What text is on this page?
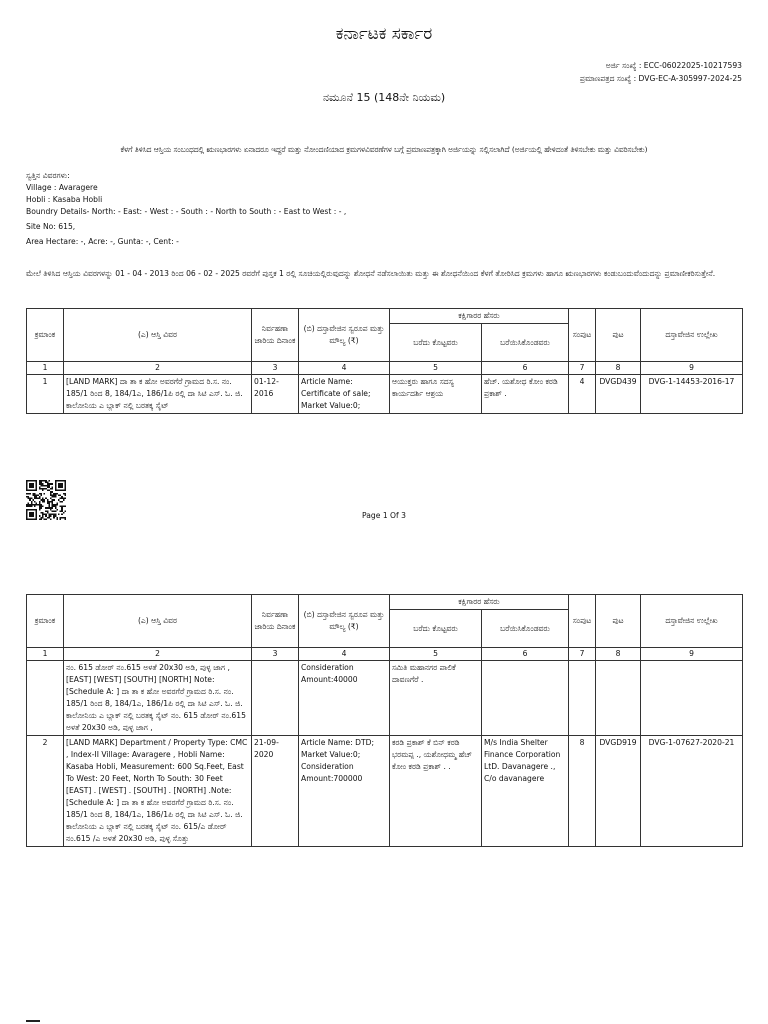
ಕರ್ನಾಟಕ ಸರ್ಕಾರ
ಅರ್ಜಿ ಸಂಖ್ಯೆ : ECC-06022025-10217593
ಪ್ರಮಾಣಪತ್ರದ ಸಂಖ್ಯೆ : DVG-EC-A-305997-2024-25
ನಮೂನೆ 15 (148ನೇ ನಿಯಮ)
ಕೆಳಗೆ ತಿಳಿಸಿದ ಆಸ್ತಿಯ ಸಂಬಂಧದಲ್ಲಿ ಋಣಭಾರಗಳು ಏನಾದರೂ ಇದ್ದರೆ ಮತ್ತು ನೋಂದಣಿಯಾದ ಕ್ರಮಗಳವಿವರಣೆಗಳ ಬಗ್ಗೆ ಪ್ರಮಾಣಪತ್ರಕ್ಕಾಗಿ ಅರ್ಜಿಯನ್ನು ಸಲ್ಲಿಸಲಾಗಿದೆ (ಅರ್ಜಿಯಲ್ಲಿ ಹೇಳಿದಂತೆ ತಿಳಿಸಬೇಕು ಮತ್ತು ವಿವರಿಸಬೇಕು)
ಸ್ವತ್ತಿನ ವಿವರಗಳು:
Village : Avaragere
Hobli : Kasaba Hobli
Boundry Details- North: - East: - West : - South : - North to South : - East to West : - ,
Site No: 615,
Area Hectare: -, Acre: -, Gunta: -, Cent: -
ಮೇಲೆ ತಿಳಿಸಿದ ಆಸ್ತಿಯ ವಿವರಗಳನ್ನು 01 - 04 - 2013 ರಿಂದ 06 - 02 - 2025 ರವರೆಗೆ ಪುಸ್ತಕ 1 ರಲ್ಲಿ ಸೂಚಿಯಲ್ಲಿರುವುದನ್ನು ಶೋಧನೆ ನಡೆಸಲಾಯಿತು ಮತ್ತು ಈ ಶೋಧನೆಯಿಂದ ಕೆಳಗೆ ತೋರಿಸಿದ ಕ್ರಮಗಳು ಹಾಗೂ ಋಣಭಾರಗಳು ಕಂಡುಬಂದುವೆಂದುದನ್ನು ಪ್ರಮಾಣೀಕರಿಸುತ್ತೇನೆ.
ಕ್ರಮಾಂಕ	(ಎ) ಆಸ್ತಿ ವಿವರ	ನಿರ್ವಹಣಾ ಜಾರಿಯ ದಿನಾಂಕ	(ಬಿ) ದಸ್ತಾವೇಜಿನ ಸ್ವರೂಪ ಮತ್ತು ಮೌಲ್ಯ (₹)	ಕಕ್ಷಿಗಾರರ ಹೆಸರು		ಸಂಪುಟ	ಪುಟ	ದಸ್ತಾವೇಜಿನ ಉಲ್ಲೇಖ
				ಬರೆದು ಕೊಟ್ಟವರು	ಬರೆಯಿಸಿಕೊಂಡವರು			
1	2	3	4	5	6	7	8	9
1	[LAND MARK] ದಾ ತಾ ಕ ಹೋ ಅವರಗೆರೆ ಗ್ರಾಮದ ರಿ.ಸ. ನಂ. 185/1 ರಿಂದ 8, 184/1ಎ, 186/1ಪಿ ರಲ್ಲಿ ದಾ ಸಿಟಿ ಎಸ್. ಓ. ಜಿ. ಕಾಲೋನಿಯ ಎ ಬ್ಲಾಕ್ ನಲ್ಲಿ ಬರತಕ್ಕ ಸೈಟ್	01-12-2016	Article Name: Certificate of sale; Market Value:0;	ಆಯುಕ್ತರು ಹಾಗೂ ಸದಸ್ಯ ಕಾರ್ಯದರ್ಶಿ ಆಶ್ರಯ	ಹೆಚ್. ಯಶೋಧ ಕೋಂ ಕರಡಿ ಪ್ರಕಾಶ್ .	4	DVGD439	DVG-1-14453-2016-17
Page 1 Of 3
ಕ್ರಮಾಂಕ	(ಎ) ಆಸ್ತಿ ವಿವರ	ನಿರ್ವಹಣಾ ಜಾರಿಯ ದಿನಾಂಕ	(ಬಿ) ದಸ್ತಾವೇಜಿನ ಸ್ವರೂಪ ಮತ್ತು ಮೌಲ್ಯ (₹)	ಕಕ್ಷಿಗಾರರ ಹೆಸರು		ಸಂಪುಟ	ಪುಟ	ದಸ್ತಾವೇಜಿನ ಉಲ್ಲೇಖ
				ಬರೆದು ಕೊಟ್ಟವರು	ಬರೆಯಿಸಿಕೊಂಡವರು			
1	2	3	4	5	6	7	8	9
	ನಂ. 615 ಡೋರ್ ನಂ.615 ಅಳತೆ 20x30 ಅಡಿ, ಪುಳ್ಳ ಜಾಗ , [EAST] [WEST] [SOUTH] [NORTH] Note: [Schedule A: ] ದಾ ತಾ ಕ ಹೋ ಅವರಗೆರೆ ಗ್ರಾಮದ ರಿ.ಸ. ನಂ. 185/1 ರಿಂದ 8, 184/1ಎ, 186/1ಪಿ ರಲ್ಲಿ ದಾ ಸಿಟಿ ಎಸ್. ಓ. ಜಿ. ಕಾಲೋನಿಯ ಎ ಬ್ಲಾಕ್ ನಲ್ಲಿ ಬರತಕ್ಕ ಸೈಟ್ ನಂ. 615 ಡೋರ್ ನಂ.615 ಅಳತೆ 20x30 ಅಡಿ, ಪುಳ್ಳ ಜಾಗ ,		Consideration Amount:40000	ಸಮಿತಿ ಮಹಾನಗರ ಪಾಲಿಕೆ ದಾವಣಗೆರೆ .				
2	[LAND MARK] Department / Property Type: CMC , Index-II Village: Avaragere , Hobli Name: Kasaba Hobli, Measurement: 600 Sq.Feet, East To West: 20 Feet, North To South: 30 Feet [EAST] . [WEST] . [SOUTH] . [NORTH] .Note: [Schedule A: ] ದಾ ತಾ ಕ ಹೋ ಅವರಗೆರೆ ಗ್ರಾಮದ ರಿ.ಸ. ನಂ. 185/1 ರಿಂದ 8, 184/1ಎ, 186/1ಪಿ ರಲ್ಲಿ ದಾ ಸಿಟಿ ಎಸ್. ಓ. ಜಿ. ಕಾಲೋನಿಯ ಎ ಬ್ಲಾಕ್ ನಲ್ಲಿ ಬರತಕ್ಕ ಸೈಟ್ ನಂ. 615/ಎ ಡೋರ್ ನಂ.615 /ಎ ಅಳತೆ 20x30 ಅಡಿ, ಪುಳ್ಳ ಸೊತ್ತು	21-09-2020	Article Name: DTD; Market Value:0; Consideration Amount:700000	ಕರಡಿ ಪ್ರಕಾಶ್ ಕೆ ಬಿನ್ ಕರಡಿ ಭರಮಪ್ಪ ., ಯಶೋಧಮ್ಮ ಹೆಚ್ ಕೋಂ ಕರಡಿ ಪ್ರಕಾಶ್ . .	M/s India Shelter Finance Corporation LtD. Davanagere ., C/o davanagere	8	DVGD919	DVG-1-07627-2020-21
